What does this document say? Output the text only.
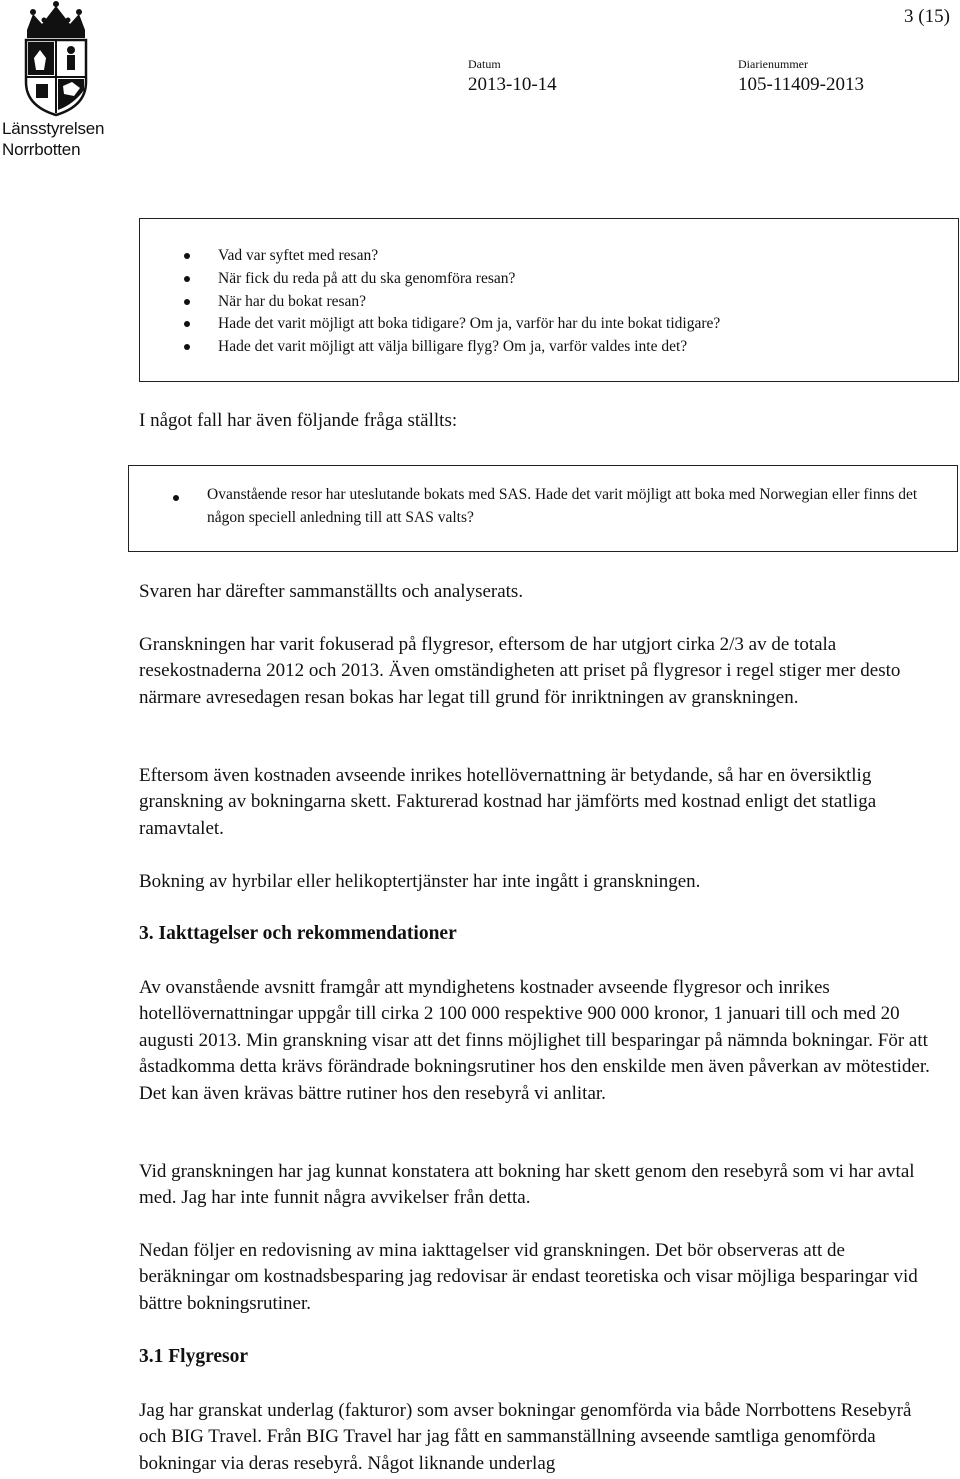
Länsstyrelsen
Norrbotten
3 (15)
Datum
2013-10-14
Diarienummer
105-11409-2013
Vad var syftet med resan?
När fick du reda på att du ska genomföra resan?
När har du bokat resan?
Hade det varit möjligt att boka tidigare? Om ja, varför har du inte bokat tidigare?
Hade det varit möjligt att välja billigare flyg? Om ja, varför valdes inte det?
I något fall har även följande fråga ställts:
Ovanstående resor har uteslutande bokats med SAS. Hade det varit möjligt att boka med Norwegian eller finns det någon speciell anledning till att SAS valts?
Svaren har därefter sammanställts och analyserats.
Granskningen har varit fokuserad på flygresor, eftersom de har utgjort cirka 2/3 av de totala resekostnaderna 2012 och 2013. Även omständigheten att priset på flygresor i regel stiger mer desto närmare avresedagen resan bokas har legat till grund för inriktningen av granskningen.
Eftersom även kostnaden avseende inrikes hotellövernattning är betydande, så har en översiktlig granskning av bokningarna skett. Fakturerad kostnad har jämförts med kostnad enligt det statliga ramavtalet.
Bokning av hyrbilar eller helikoptertjänster har inte ingått i granskningen.
3. Iakttagelser och rekommendationer
Av ovanstående avsnitt framgår att myndighetens kostnader avseende flygresor och inrikes hotellövernattningar uppgår till cirka 2 100 000 respektive 900 000 kronor, 1 januari till och med 20 augusti 2013. Min granskning visar att det finns möjlighet till besparingar på nämnda bokningar. För att åstadkomma detta krävs förändrade bokningsrutiner hos den enskilde men även påverkan av mötestider. Det kan även krävas bättre rutiner hos den resebyrå vi anlitar.
Vid granskningen har jag kunnat konstatera att bokning har skett genom den resebyrå som vi har avtal med. Jag har inte funnit några avvikelser från detta.
Nedan följer en redovisning av mina iakttagelser vid granskningen. Det bör observeras att de beräkningar om kostnadsbesparing jag redovisar är endast teoretiska och visar möjliga besparingar vid bättre bokningsrutiner.
3.1 Flygresor
Jag har granskat underlag (fakturor) som avser bokningar genomförda via både Norrbottens Resebyrå och BIG Travel. Från BIG Travel har jag fått en sammanställning avseende samtliga genomförda bokningar via deras resebyrå. Något liknande underlag
